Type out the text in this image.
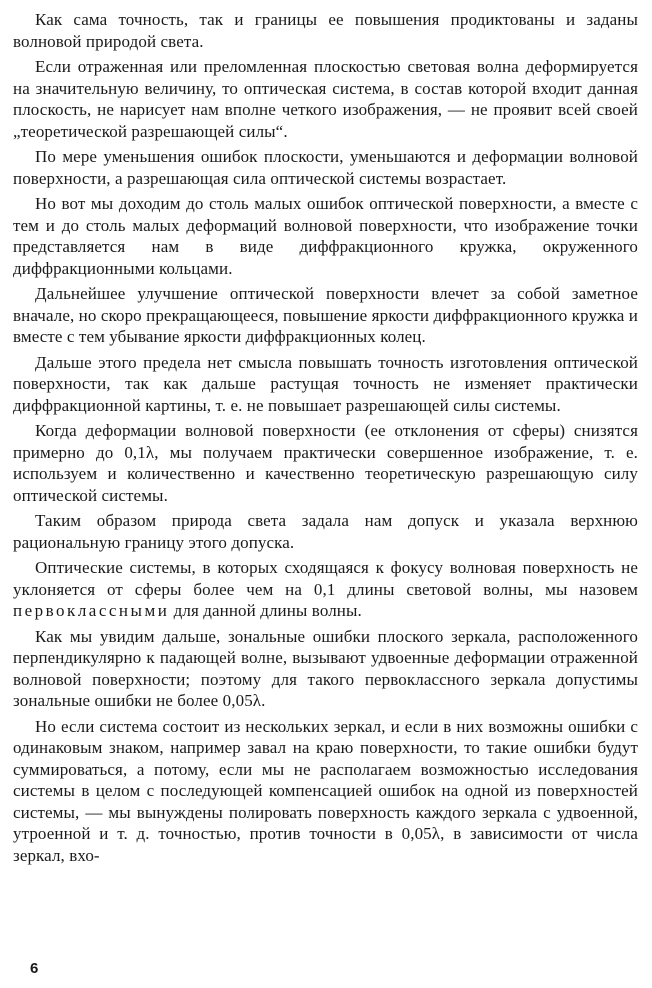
Как сама точность, так и границы ее повышения продиктованы и заданы волновой природой света.

Если отраженная или преломленная плоскостью световая волна деформируется на значительную величину, то оптическая система, в состав которой входит данная плоскость, не нарисует нам вполне четкого изображения, — не проявит всей своей „теоретической разрешающей силы“.

По мере уменьшения ошибок плоскости, уменьшаются и деформации волновой поверхности, а разрешающая сила оптической системы возрастает.

Но вот мы доходим до столь малых ошибок оптической поверхности, а вместе с тем и до столь малых деформаций волновой поверхности, что изображение точки представляется нам в виде диффракционного кружка, окруженного диффракционными кольцами.

Дальнейшее улучшение оптической поверхности влечет за собой заметное вначале, но скоро прекращающееся, повышение яркости диффракционного кружка и вместе с тем убывание яркости диффракционных колец.

Дальше этого предела нет смысла повышать точность изготовления оптической поверхности, так как дальше растущая точность не изменяет практически диффракционной картины, т. е. не повышает разрешающей силы системы.

Когда деформации волновой поверхности (ее отклонения от сферы) снизятся примерно до 0,1λ, мы получаем практически совершенное изображение, т. е. используем и количественно и качественно теоретическую разрешающую силу оптической системы.

Таким образом природа света задала нам допуск и указала верхнюю рациональную границу этого допуска.

Оптические системы, в которых сходящаяся к фокусу волновая поверхность не уклоняется от сферы более чем на 0,1 длины световой волны, мы назовем первоклассными для данной длины волны.

Как мы увидим дальше, зональные ошибки плоского зеркала, расположенного перпендикулярно к падающей волне, вызывают удвоенные деформации отраженной волновой поверхности; поэтому для такого первоклассного зеркала допустимы зональные ошибки не более 0,05λ.

Но если система состоит из нескольких зеркал, и если в них возможны ошибки с одинаковым знаком, например завал на краю поверхности, то такие ошибки будут суммироваться, а потому, если мы не располагаем возможностью исследования системы в целом с последующей компенсацией ошибок на одной из поверхностей системы, — мы вынуждены полировать поверхность каждого зеркала с удвоенной, утроенной и т. д. точностью, против точности в 0,05λ, в зависимости от числа зеркал, вхо-

6
